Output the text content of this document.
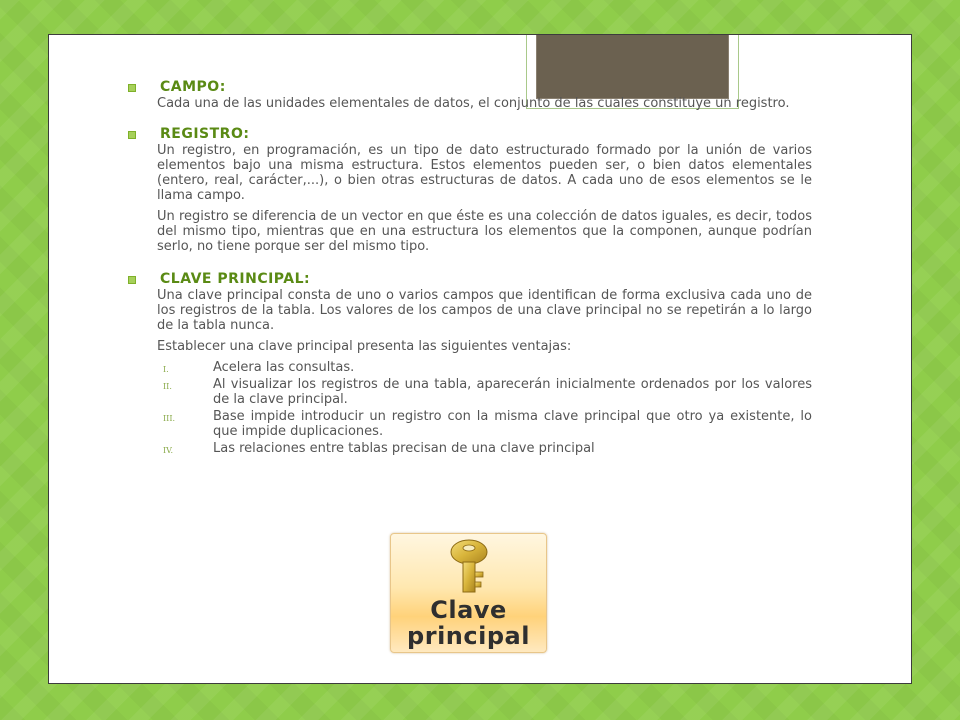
CAMPO:

Cada una de las unidades elementales de datos, el conjunto de las cuales constituye un registro.

REGISTRO:

Un registro, en programación, es un tipo de dato estructurado formado por la unión de varios elementos bajo una misma estructura. Estos elementos pueden ser, o bien datos elementales (entero, real, carácter,...), o bien otras estructuras de datos. A cada uno de esos elementos se le llama campo.

Un registro se diferencia de un vector en que éste es una colección de datos iguales, es decir, todos del mismo tipo, mientras que en una estructura los elementos que la componen, aunque podrían serlo, no tiene porque ser del mismo tipo.

CLAVE PRINCIPAL:

Una clave principal consta de uno o varios campos que identifican de forma exclusiva cada uno de los registros de la tabla. Los valores de los campos de una clave principal no se repetirán a lo largo de la tabla nunca.

Establecer una clave principal presenta las siguientes ventajas:

I.	Acelera las consultas.
II.	Al visualizar los registros de una tabla, aparecerán inicialmente ordenados por los valores de la clave principal.
III.	Base impide introducir un registro con la misma clave principal que otro ya existente, lo que impide duplicaciones.
IV.	Las relaciones entre tablas precisan de una clave principal
Clave
principal
